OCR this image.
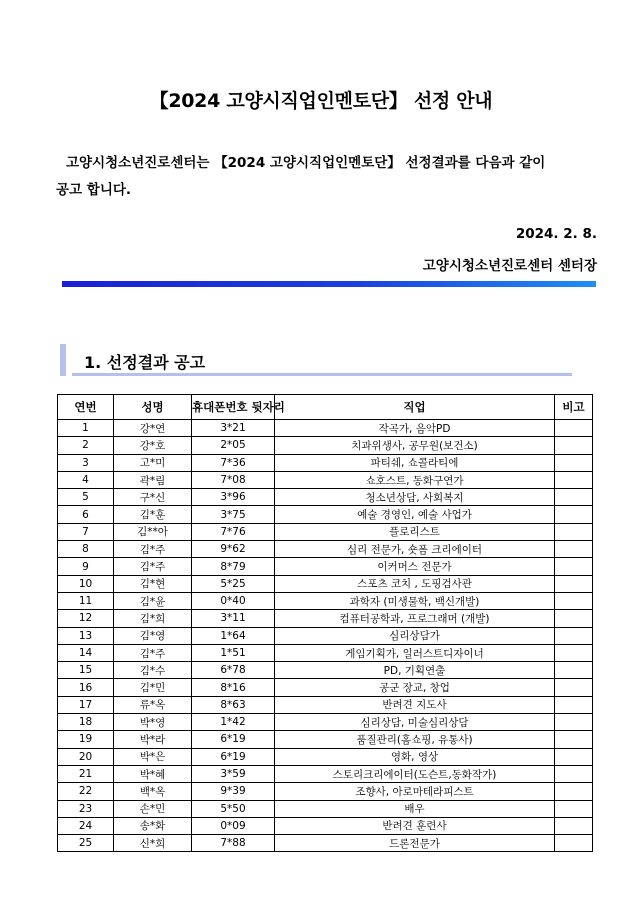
【2024 고양시직업인멘토단】 선정 안내
고양시청소년진로센터는 【2024 고양시직업인멘토단】 선정결과를 다음과 같이
공고 합니다.
2024. 2. 8.
고양시청소년진로센터 센터장
1. 선정결과 공고
연번	성명	휴대폰번호 뒷자리	직업	비고
1	강*연	3*21	작곡가, 음악PD	
2	강*호	2*05	치과위생사, 공무원(보건소)	
3	고*미	7*36	파티쉐, 쇼콜라티에	
4	곽*림	7*08	쇼호스트, 동화구연가	
5	구*신	3*96	청소년상담, 사회복지	
6	김*훈	3*75	예술 경영인, 예술 사업가	
7	김**아	7*76	플로리스트	
8	김*주	9*62	심리 전문가, 숏폼 크리에이터	
9	김*주	8*79	이커머스 전문가	
10	김*현	5*25	스포츠 코치 , 도핑검사관	
11	김*윤	0*40	과학자 (미생물학, 백신개발)	
12	김*희	3*11	컴퓨터공학과, 프로그래머 (개발)	
13	김*영	1*64	심리상담가	
14	김*주	1*51	게임기획가, 일러스트디자이너	
15	김*수	6*78	PD, 기획연출	
16	김*민	8*16	공군 장교, 창업	
17	류*옥	8*63	반려견 지도사	
18	박*영	1*42	심리상담, 미술심리상담	
19	박*라	6*19	품질관리(홈쇼핑, 유통사)	
20	박*은	6*19	영화, 영상	
21	박*혜	3*59	스토리크리에이터(도슨트,동화작가)	
22	백*옥	9*39	조향사, 아로마테라피스트	
23	손*민	5*50	배우	
24	송*화	0*09	반려견 훈련사	
25	신*희	7*88	드론전문가	
